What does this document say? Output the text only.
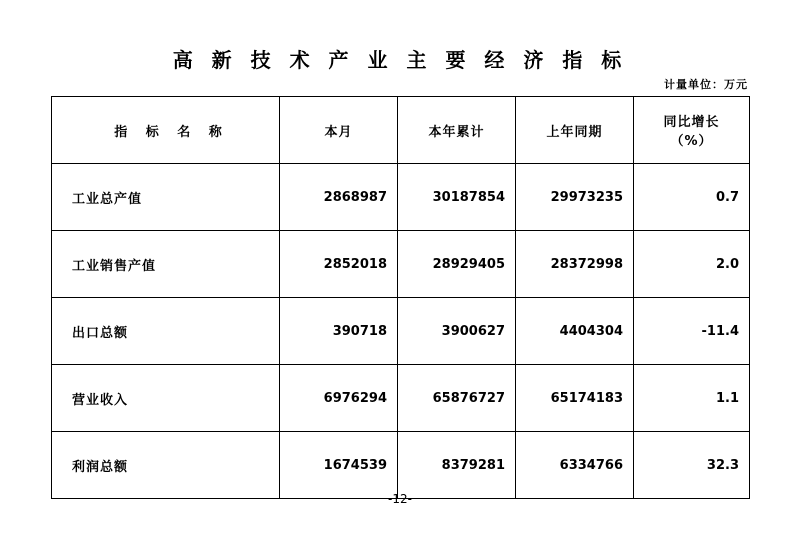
高 新 技 术 产 业 主 要 经 济 指 标
计量单位：万元
指 标 名 称	本月	本年累计	上年同期	同比增长（%）
工业总产值	2868987	30187854	29973235	0.7
工业销售产值	2852018	28929405	28372998	2.0
出口总额	390718	3900627	4404304	-11.4
营业收入	6976294	65876727	65174183	1.1
利润总额	1674539	8379281	6334766	32.3
-12-
